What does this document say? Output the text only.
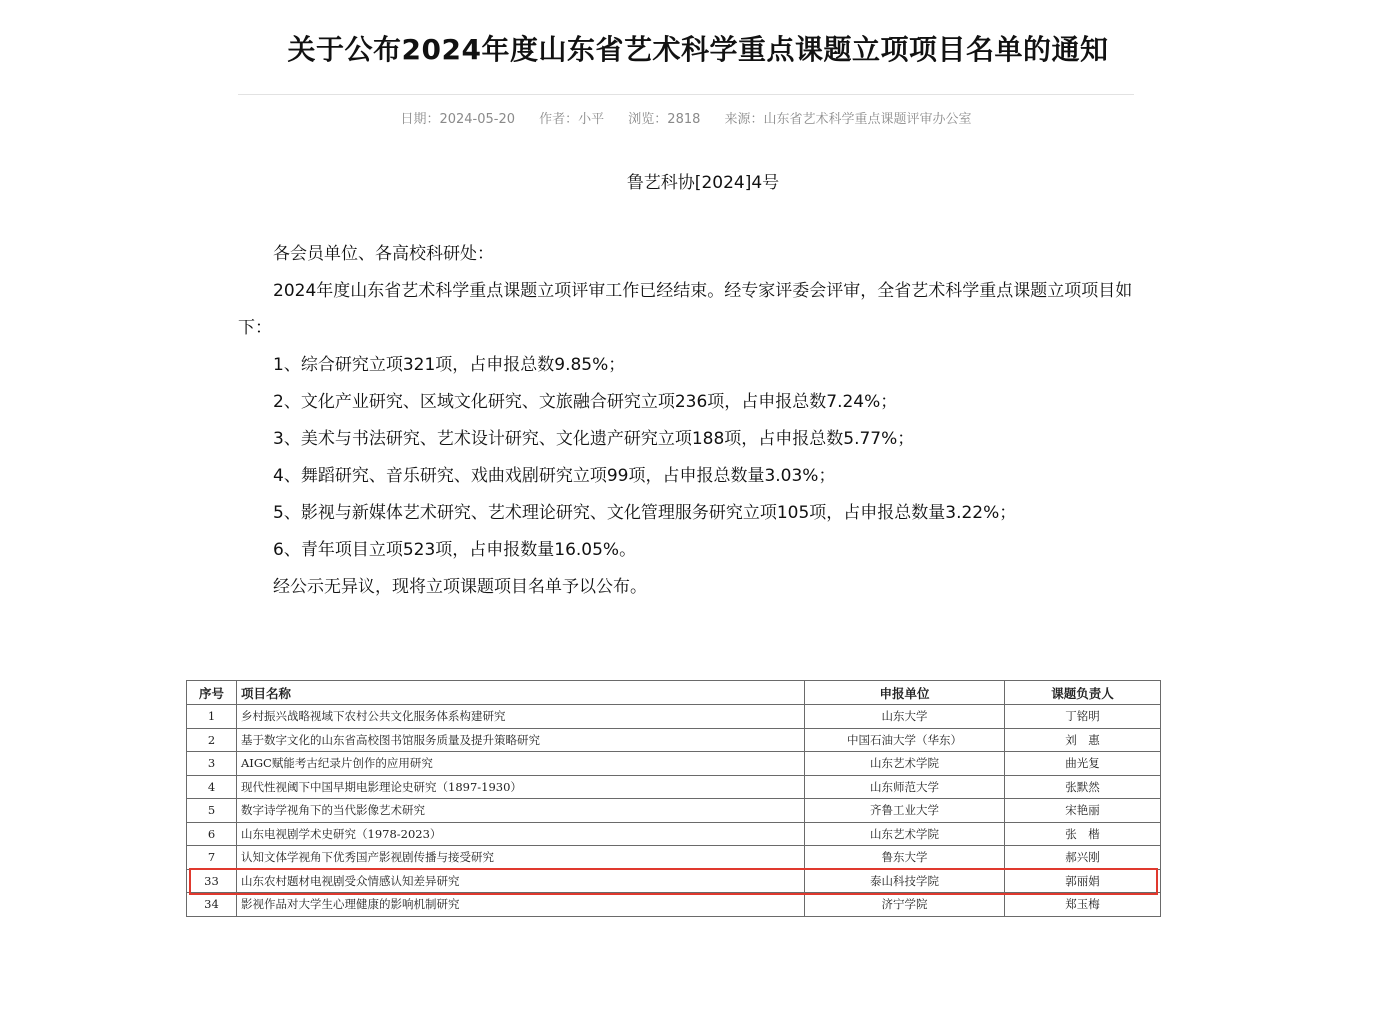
关于公布2024年度山东省艺术科学重点课题立项项目名单的通知
日期：2024-05-20 作者：小平 浏览：2818 来源：山东省艺术科学重点课题评审办公室
鲁艺科协[2024]4号

各会员单位、各高校科研处：

2024年度山东省艺术科学重点课题立项评审工作已经结束。经专家评委会评审，全省艺术科学重点课题立项项目如下：

1、综合研究立项321项，占申报总数9.85%；

2、文化产业研究、区域文化研究、文旅融合研究立项236项，占申报总数7.24%；

3、美术与书法研究、艺术设计研究、文化遗产研究立项188项，占申报总数5.77%；

4、舞蹈研究、音乐研究、戏曲戏剧研究立项99项，占申报总数量3.03%；

5、影视与新媒体艺术研究、艺术理论研究、文化管理服务研究立项105项，占申报总数量3.22%；

6、青年项目立项523项，占申报数量16.05%。

经公示无异议，现将立项课题项目名单予以公布。

序号	项目名称	申报单位	课题负责人
1	乡村振兴战略视域下农村公共文化服务体系构建研究	山东大学	丁铭明
2	基于数字文化的山东省高校图书馆服务质量及提升策略研究	中国石油大学（华东）	刘　惠
3	AIGC赋能考古纪录片创作的应用研究	山东艺术学院	曲光复
4	现代性视阈下中国早期电影理论史研究（1897-1930）	山东师范大学	张默然
5	数字诗学视角下的当代影像艺术研究	齐鲁工业大学	宋艳丽
6	山东电视剧学术史研究（1978-2023）	山东艺术学院	张　楷
7	认知文体学视角下优秀国产影视剧传播与接受研究	鲁东大学	郝兴刚
33	山东农村题材电视剧受众情感认知差异研究	泰山科技学院	郭丽娟
34	影视作品对大学生心理健康的影响机制研究	济宁学院	郑玉梅
